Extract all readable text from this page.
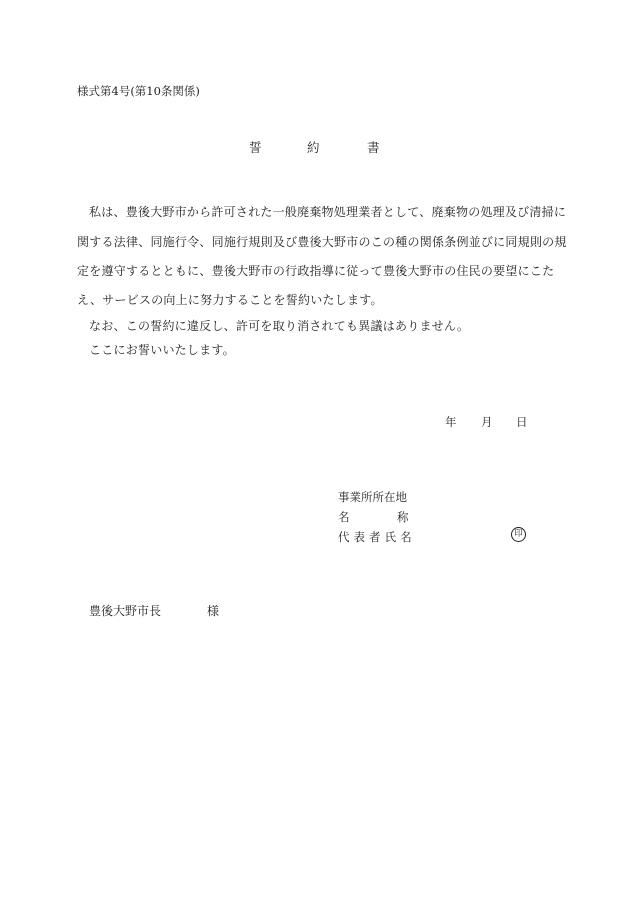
様式第4号(第10条関係)
誓	約	書
私は、豊後大野市から許可された一般廃棄物処理業者として、廃棄物の処理及び清掃に
関する法律、同施行令、同施行規則及び豊後大野市のこの種の関係条例並びに同規則の規
定を遵守するとともに、豊後大野市の行政指導に従って豊後大野市の住民の要望にこた
え、サービスの向上に努力することを誓約いたします。
なお、この誓約に違反し、許可を取り消されても異議はありません。
ここにお誓いいたします。
年 月 日
事業所所在地
名	称
代表者氏名	印
豊後大野市長	様
